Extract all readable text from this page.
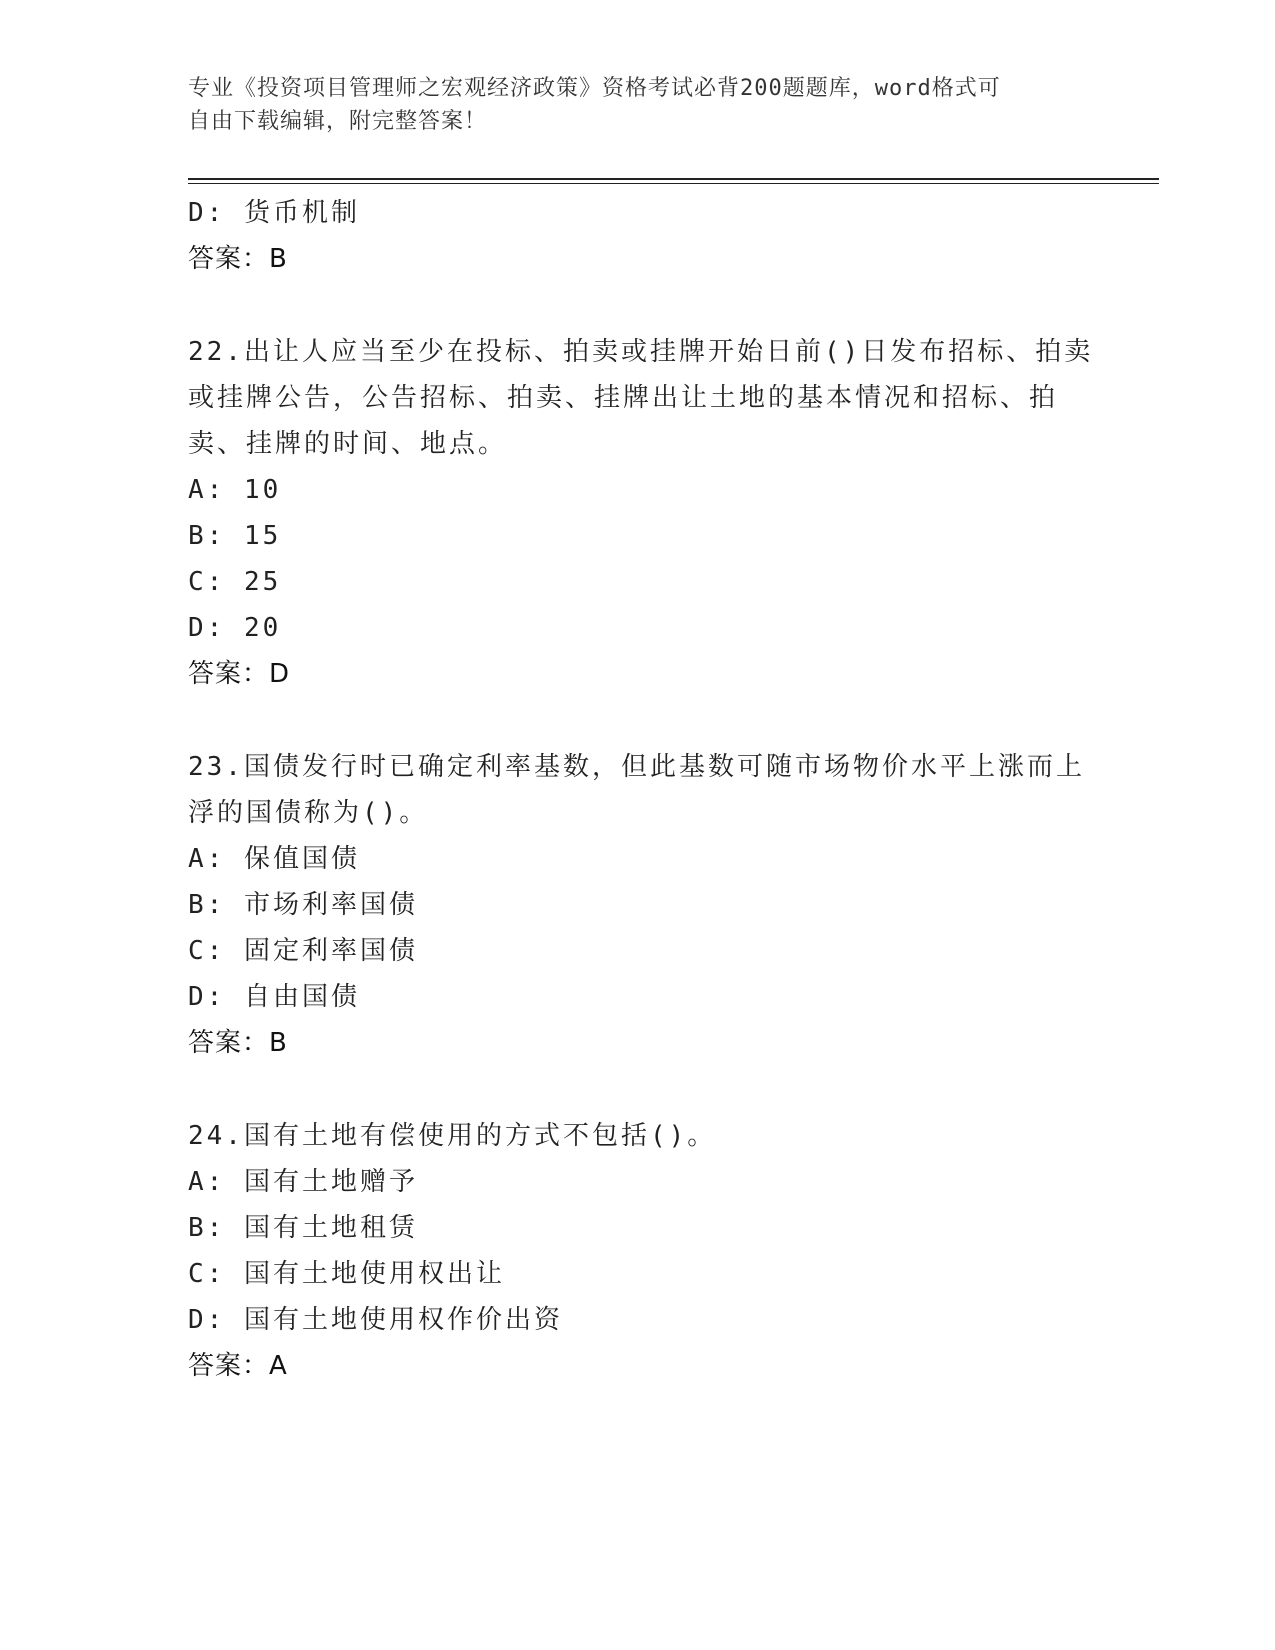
专业《投资项目管理师之宏观经济政策》资格考试必背200题题库，word格式可
自由下载编辑，附完整答案！
D: 货币机制
答案：B
22.出让人应当至少在投标、拍卖或挂牌开始日前()日发布招标、拍卖
或挂牌公告，公告招标、拍卖、挂牌出让土地的基本情况和招标、拍
卖、挂牌的时间、地点。
A: 10
B: 15
C: 25
D: 20
答案：D
23.国债发行时已确定利率基数，但此基数可随市场物价水平上涨而上
浮的国债称为()。
A: 保值国债
B: 市场利率国债
C: 固定利率国债
D: 自由国债
答案：B
24.国有土地有偿使用的方式不包括()。
A: 国有土地赠予
B: 国有土地租赁
C: 国有土地使用权出让
D: 国有土地使用权作价出资
答案：A
